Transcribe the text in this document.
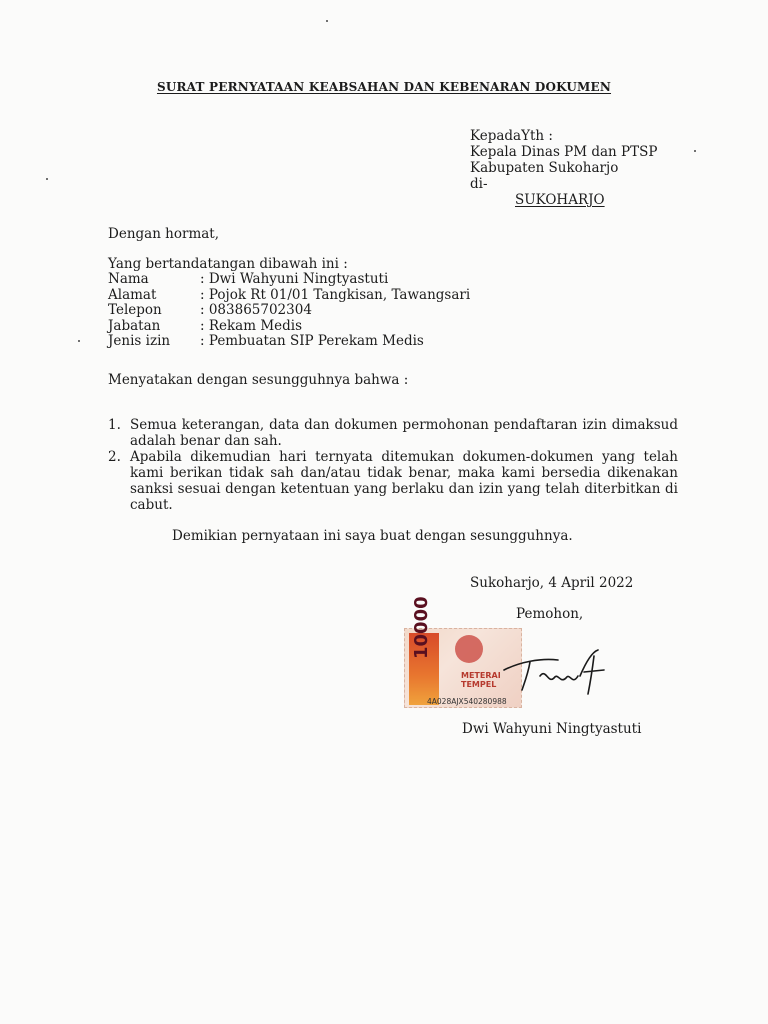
SURAT PERNYATAAN KEABSAHAN DAN KEBENARAN DOKUMEN
KepadaYth :
Kepala Dinas PM dan PTSP
Kabupaten Sukoharjo
di-
SUKOHARJO
Dengan hormat,
Yang bertandatangan dibawah ini :
Nama	: Dwi Wahyuni Ningtyastuti
Alamat	: Pojok Rt 01/01 Tangkisan, Tawangsari
Telepon	: 083865702304
Jabatan	: Rekam Medis
Jenis izin	: Pembuatan SIP Perekam Medis
Menyatakan dengan sesungguhnya bahwa :
1. Semua keterangan, data dan dokumen permohonan pendaftaran izin dimaksud adalah benar dan sah.
2. Apabila dikemudian hari ternyata ditemukan dokumen-dokumen yang telah kami berikan tidak sah dan/atau tidak benar, maka kami bersedia dikenakan sanksi sesuai dengan ketentuan yang berlaku dan izin yang telah diterbitkan di cabut.
Demikian pernyataan ini saya buat dengan sesungguhnya.
Sukoharjo, 4 April 2022
Pemohon,
10000
METERAI
TEMPEL
4A028AJX540280988
Dwi Wahyuni Ningtyastuti
